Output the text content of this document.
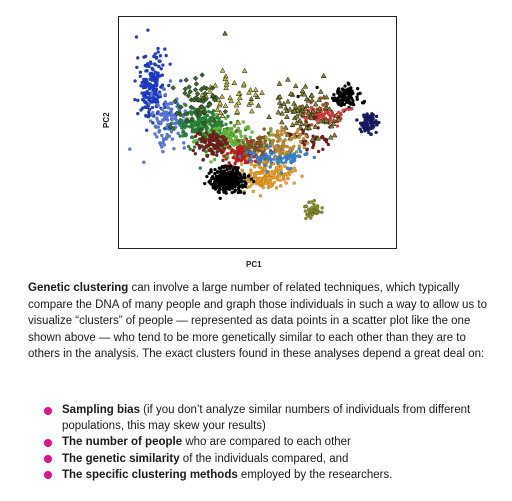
PC2
PC1

Genetic clustering can involve a large number of related techniques, which typically compare the DNA of many people and graph those individuals in such a way to allow us to visualize “clusters” of people — represented as data points in a scatter plot like the one shown above — who tend to be more genetically similar to each other than they are to others in the analysis. The exact clusters found in these analyses depend a great deal on:

Sampling bias (if you don’t analyze similar numbers of individuals from different populations, this may skew your results)
The number of people who are compared to each other
The genetic similarity of the individuals compared, and
The specific clustering methods employed by the researchers.
